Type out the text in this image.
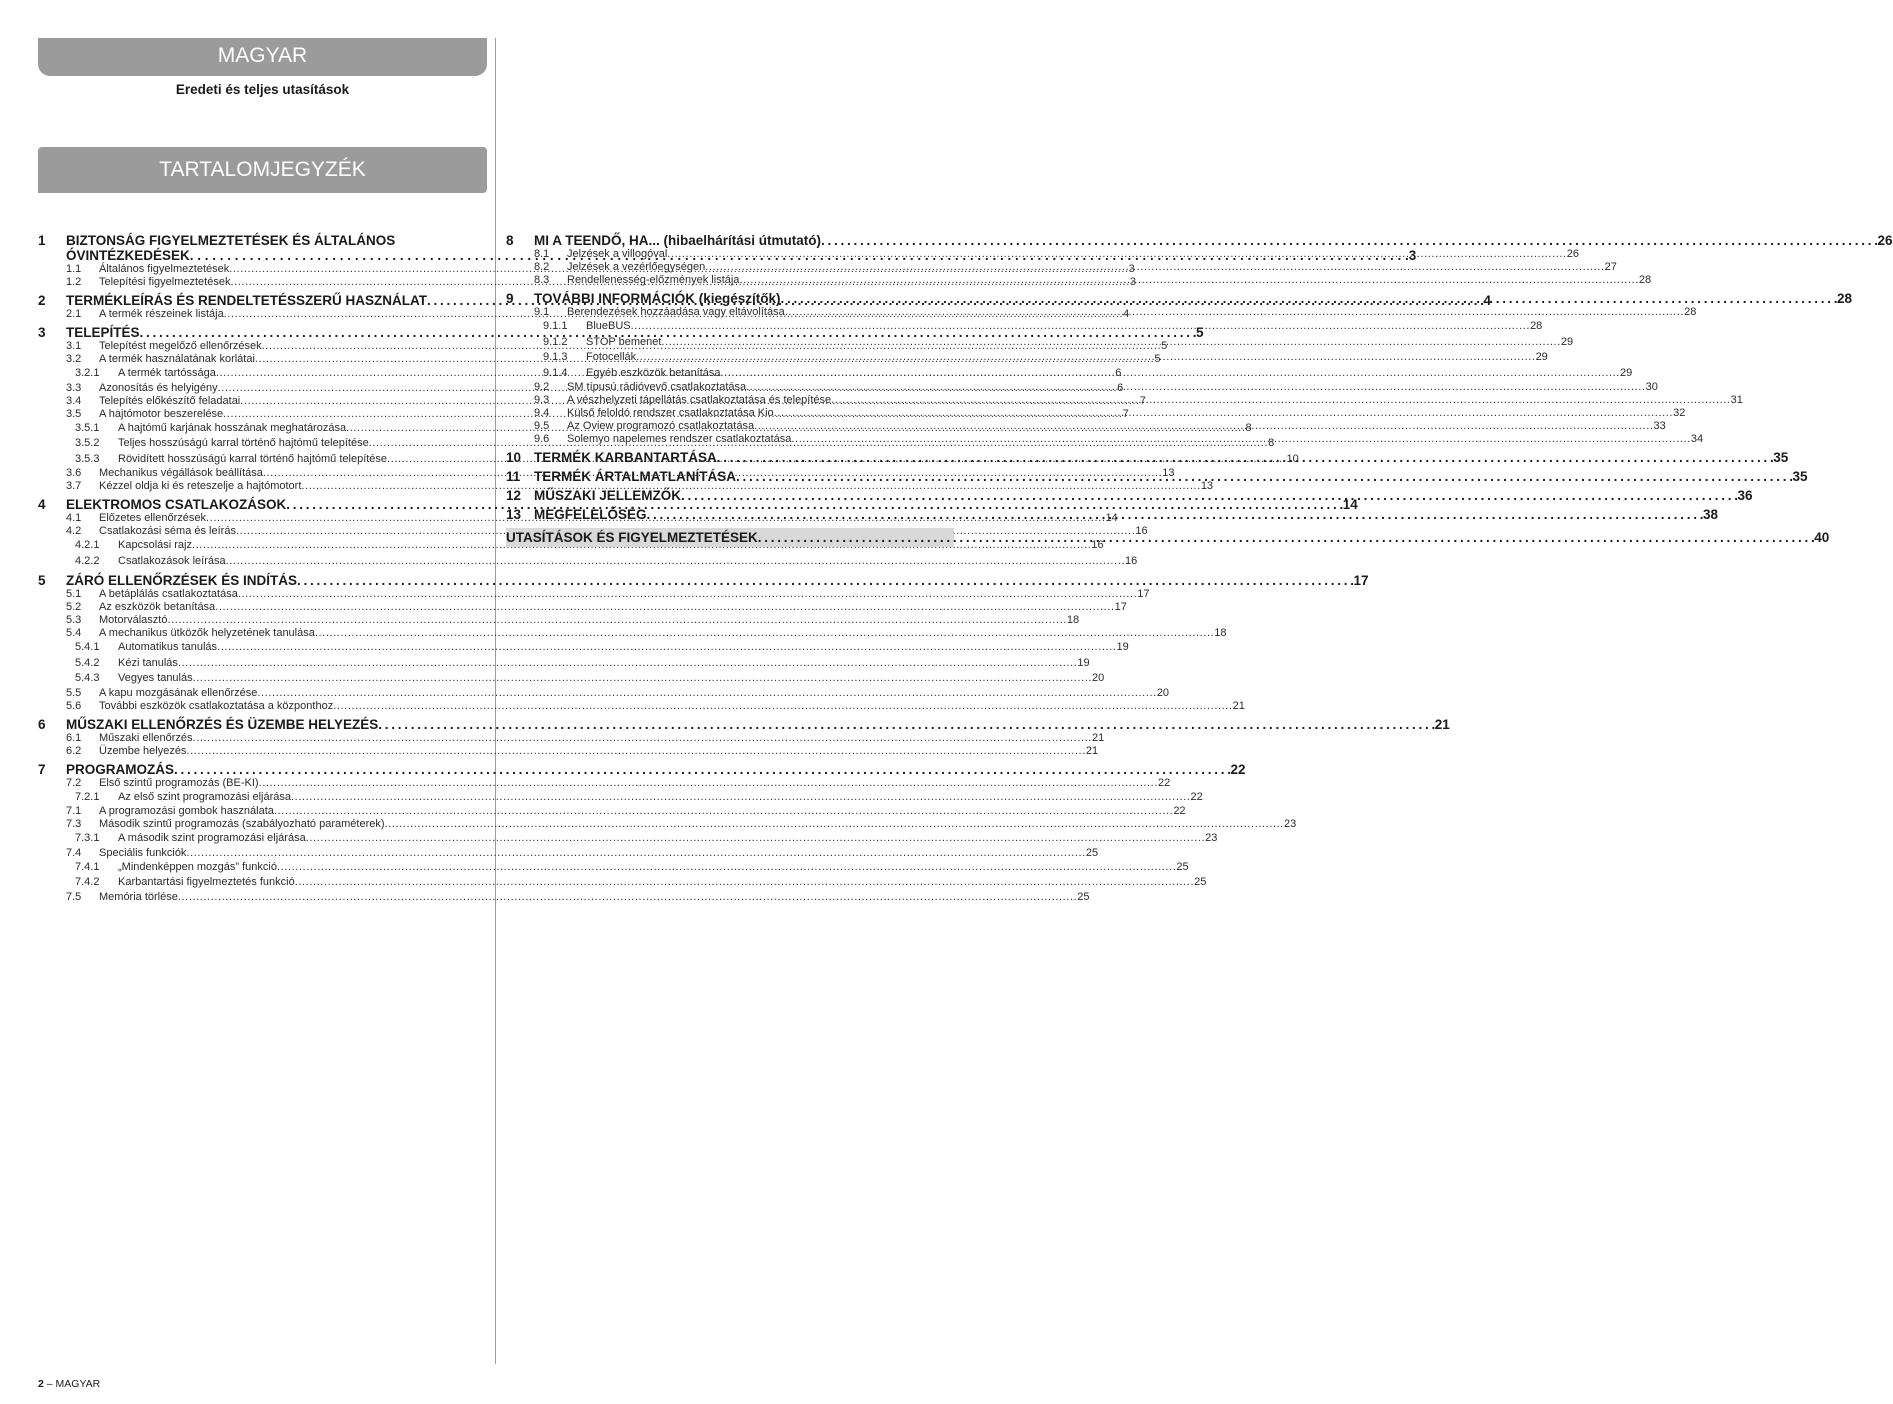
MAGYAR
Eredeti és teljes utasítások
TARTALOMJEGYZÉK
1	BIZTONSÁG FIGYELMEZTETÉSEK ÉS ÁLTALÁNOS
ÓVINTÉZKEDÉSEK . . .	3
1.1	Általános figyelmeztetések .....	3
1.2	Telepítési figyelmeztetések .....	3
2	TERMÉKLEÍRÁS ÉS RENDELTETÉSSZERŰ HASZNÁLAT . . .	4
2.1	A termék részeinek listája .....	4
3	TELEPÍTÉS . . .	5
3.1	Telepítést megelőző ellenőrzések .....	5
3.2	A termék használatának korlátai .....	5
3.2.1	A termék tartóssága .....	6
3.3	Azonosítás és helyigény .....	6
3.4	Telepítés előkészítő feladatai .....	7
3.5	A hajtómotor beszerelése .....	7
3.5.1	A hajtómű karjának hosszának meghatározása .....	8
3.5.2	Teljes hosszúságú karral történő hajtómű telepítése .....	8
3.5.3	Rövidített hosszúságú karral történő hajtómű telepítése .....	10
3.6	Mechanikus végállások beállítása .....	13
3.7	Kézzel oldja ki és reteszelje a hajtómotort .....	13
4	ELEKTROMOS CSATLAKOZÁSOK . . .	14
4.1	Előzetes ellenőrzések .....	14
4.2	Csatlakozási séma és leírás .....	16
4.2.1	Kapcsolási rajz .....	16
4.2.2	Csatlakozások leírása .....	16
5	ZÁRÓ ELLENŐRZÉSEK ÉS INDÍTÁS . . .	17
5.1	A betáplálás csatlakoztatása .....	17
5.2	Az eszközök betanítása .....	17
5.3	Motorválasztó .....	18
5.4	A mechanikus ütközők helyzetének tanulása .....	18
5.4.1	Automatikus tanulás .....	19
5.4.2	Kézi tanulás .....	19
5.4.3	Vegyes tanulás .....	20
5.5	A kapu mozgásának ellenőrzése .....	20
5.6	További eszközök csatlakoztatása a központhoz .....	21
6	MŰSZAKI ELLENŐRZÉS ÉS ÜZEMBE HELYEZÉS . . .	21
6.1	Műszaki ellenőrzés .....	21
6.2	Üzembe helyezés .....	21
7	PROGRAMOZÁS . . .	22
7.2	Első szintű programozás (BE-KI) .....	22
7.2.1	Az első szint programozási eljárása .....	22
7.1	A programozási gombok használata .....	22
7.3	Második szintű programozás (szabályozható paraméterek) .....	23
7.3.1	A második szint programozási eljárása .....	23
7.4	Speciális funkciók .....	25
7.4.1	„Mindenképpen mozgás” funkció .....	25
7.4.2	Karbantartási figyelmeztetés funkció .....	25
7.5	Memória törlése .....	25
8	MI A TEENDŐ, HA... (hibaelhárítási útmutató) . . .	26
8.1	Jelzések a villogóval .....	26
8.2	Jelzések a vezérlőegységen .....	27
8.3	Rendellenesség-előzmények listája .....	28
9	TOVÁBBI INFORMÁCIÓK (kiegészítők) . . .	28
9.1	Berendezések hozzáadása vagy eltávolítása .....	28
9.1.1	BlueBUS .....	28
9.1.2	STOP bemenet .....	29
9.1.3	Fotocellák .....	29
9.1.4	Egyéb eszközök betanítása .....	29
9.2	SM típusú rádióvevő csatlakoztatása .....	30
9.3	A vészhelyzeti tápellátás csatlakoztatása és telepítése .....	31
9.4	Külső feloldó rendszer csatlakoztatása Kio .....	32
9.5	Az Oview programozó csatlakoztatása .....	33
9.6	Solemyo napelemes rendszer csatlakoztatása .....	34
10 TERMÉK KARBANTARTÁSA . . .	35
11	TERMÉK ÁRTALMATLANÍTÁSA . . .	35
12 MŰSZAKI JELLEMZŐK . . .	36
13 MEGFELELŐSÉG . . .	38
UTASÍTÁSOK ÉS FIGYELMEZTETÉSEK . . .	40
2 – MAGYAR
